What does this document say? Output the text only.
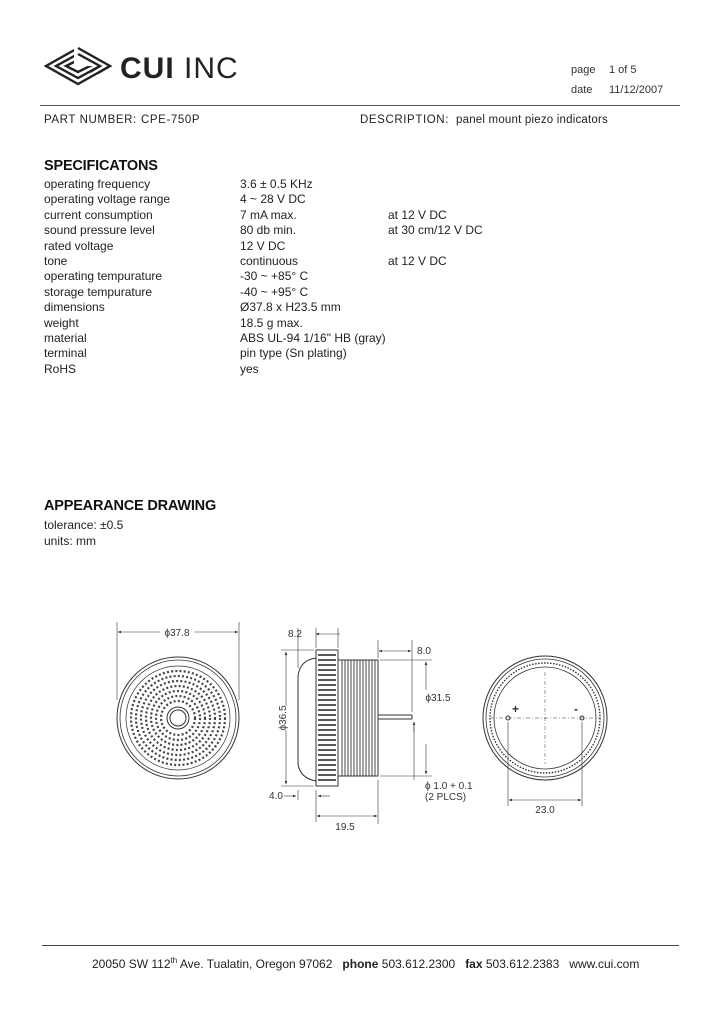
CUI INC	page 1 of 5
date 11/12/2007
PART NUMBER: CPE-750P	DESCRIPTION: panel mount piezo indicators
SPECIFICATONS
operating frequency	3.6 ± 0.5 KHz
operating voltage range	4 ~ 28 V DC
current consumption	7 mA max.	at 12 V DC
sound pressure level	80 db min.	at 30 cm/12 V DC
rated voltage	12 V DC
tone	continuous	at 12 V DC
operating tempurature	-30 ~ +85° C
storage tempurature	-40 ~ +95° C
dimensions	Ø37.8 x H23.5 mm
weight	18.5 g max.
material	ABS UL-94 1/16" HB (gray)
terminal	pin type (Sn plating)
RoHS	yes
APPEARANCE DRAWING
tolerance: ±0.5
units: mm
ϕ37.8	8.2
ϕ36.5
4.0
19.5
8.0
ϕ31.5
ϕ 1.0 + 0.1
(2 PLCS)
+	-
23.0
20050 SW 112th Ave. Tualatin, Oregon 97062 phone 503.612.2300 fax 503.612.2383 www.cui.com
